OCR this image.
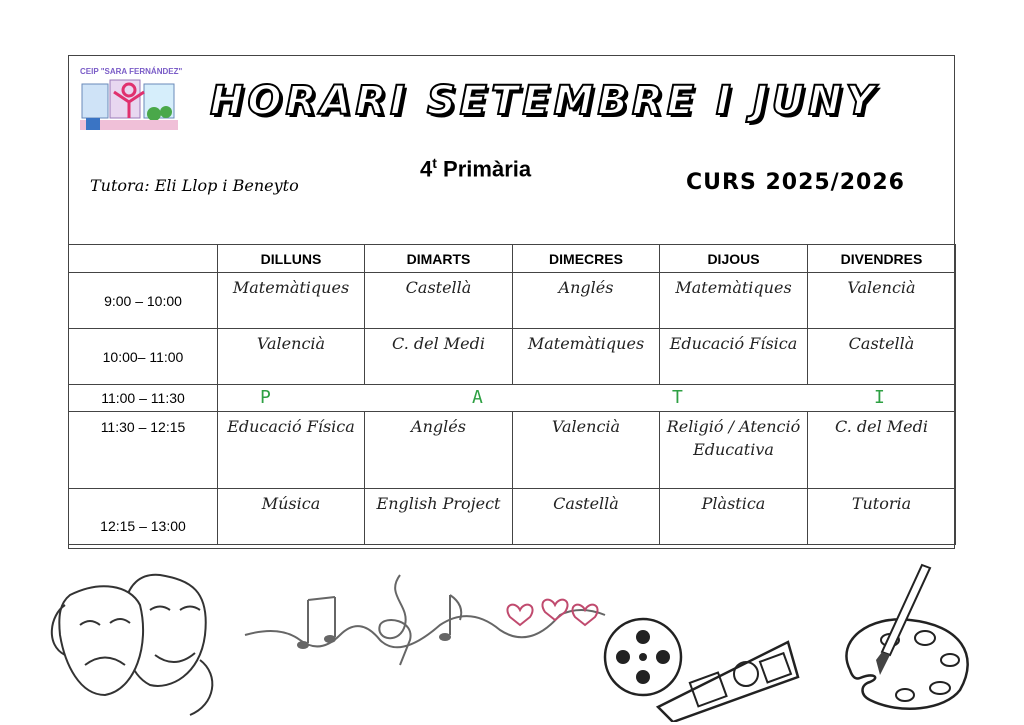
CEIP "SARA FERNÁNDEZ"
HORARI SETEMBRE I JUNY
Tutora: Eli Llop i Beneyto
4$^t$ Primària
CURS 2025/2026
	DILLUNS	DIMARTS	DIMECRES	DIJOUS	DIVENDRES
9:00 – 10:00	Matemàtiques	Castellà	Anglés	Matemàtiques	Valencià
10:00– 11:00	Valencià	C. del Medi	Matemàtiques	Educació Física	Castellà
11:00 – 11:30	P A T I				

11:30 – 12:15	Educació Física	Anglés	Valencià	Religió / Atenció Educativa	C. del Medi
12:15 – 13:00	Música	English Project	Castellà	Plàstica	Tutoria
